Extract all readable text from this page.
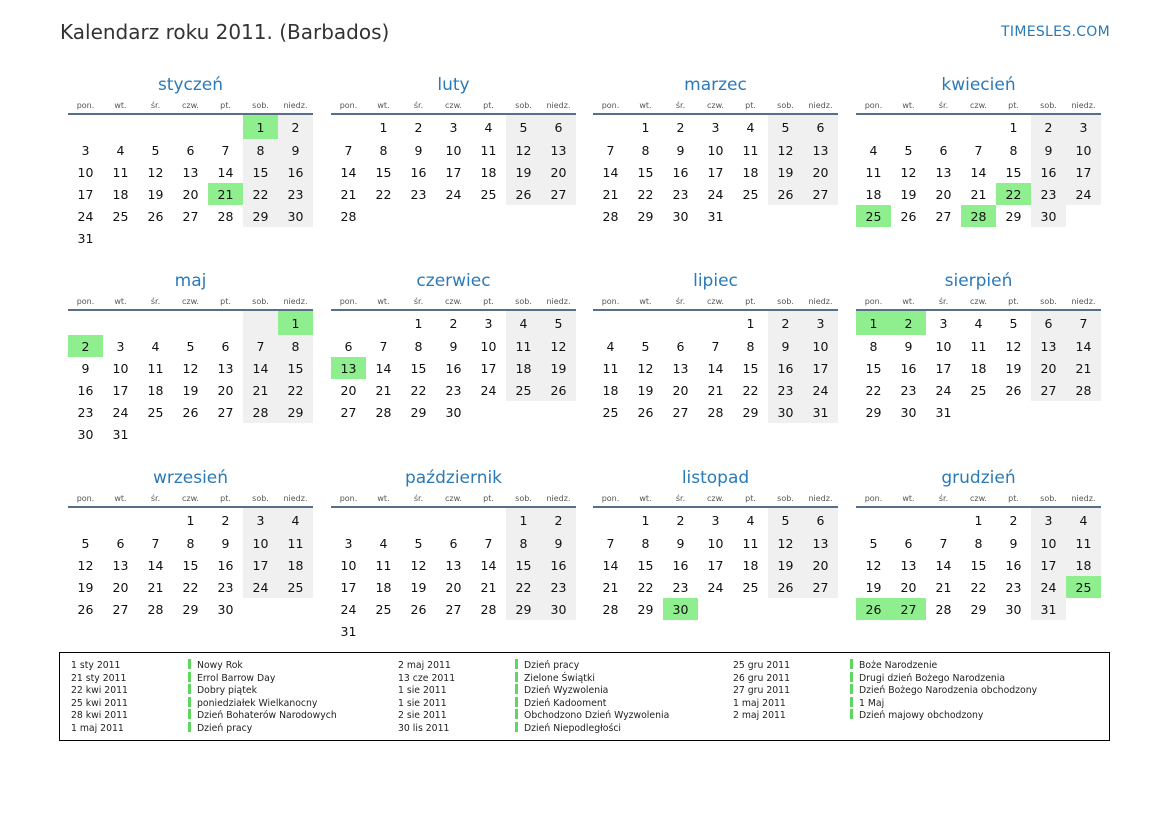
Kalendarz roku 2011. (Barbados)	TIMESLES.COM
styczeń
pon.	wt.	śr.	czw.	pt.	sob.	niedz.
					1	2
3	4	5	6	7	8	9
10	11	12	13	14	15	16
17	18	19	20	21	22	23
24	25	26	27	28	29	30
31						
luty
pon.	wt.	śr.	czw.	pt.	sob.	niedz.
	1	2	3	4	5	6
7	8	9	10	11	12	13
14	15	16	17	18	19	20
21	22	23	24	25	26	27
28						
marzec
pon.	wt.	śr.	czw.	pt.	sob.	niedz.
	1	2	3	4	5	6
7	8	9	10	11	12	13
14	15	16	17	18	19	20
21	22	23	24	25	26	27
28	29	30	31			
kwiecień
pon.	wt.	śr.	czw.	pt.	sob.	niedz.
				1	2	3
4	5	6	7	8	9	10
11	12	13	14	15	16	17
18	19	20	21	22	23	24
25	26	27	28	29	30	
maj
pon.	wt.	śr.	czw.	pt.	sob.	niedz.
						1
2	3	4	5	6	7	8
9	10	11	12	13	14	15
16	17	18	19	20	21	22
23	24	25	26	27	28	29
30	31					
czerwiec
pon.	wt.	śr.	czw.	pt.	sob.	niedz.
		1	2	3	4	5
6	7	8	9	10	11	12
13	14	15	16	17	18	19
20	21	22	23	24	25	26
27	28	29	30			
lipiec
pon.	wt.	śr.	czw.	pt.	sob.	niedz.
				1	2	3
4	5	6	7	8	9	10
11	12	13	14	15	16	17
18	19	20	21	22	23	24
25	26	27	28	29	30	31
sierpień
pon.	wt.	śr.	czw.	pt.	sob.	niedz.
1	2	3	4	5	6	7
8	9	10	11	12	13	14
15	16	17	18	19	20	21
22	23	24	25	26	27	28
29	30	31				
wrzesień
pon.	wt.	śr.	czw.	pt.	sob.	niedz.
			1	2	3	4
5	6	7	8	9	10	11
12	13	14	15	16	17	18
19	20	21	22	23	24	25
26	27	28	29	30		
październik
pon.	wt.	śr.	czw.	pt.	sob.	niedz.
					1	2
3	4	5	6	7	8	9
10	11	12	13	14	15	16
17	18	19	20	21	22	23
24	25	26	27	28	29	30
31						
listopad
pon.	wt.	śr.	czw.	pt.	sob.	niedz.
	1	2	3	4	5	6
7	8	9	10	11	12	13
14	15	16	17	18	19	20
21	22	23	24	25	26	27
28	29	30				
grudzień
pon.	wt.	śr.	czw.	pt.	sob.	niedz.
			1	2	3	4
5	6	7	8	9	10	11
12	13	14	15	16	17	18
19	20	21	22	23	24	25
26	27	28	29	30	31	
1 sty 2011	Nowy Rok
21 sty 2011	Errol Barrow Day
22 kwi 2011	Dobry piątek
25 kwi 2011	poniedziałek Wielkanocny
28 kwi 2011	Dzień Bohaterów Narodowych
1 maj 2011	Dzień pracy
2 maj 2011	Dzień pracy
13 cze 2011	Zielone Świątki
1 sie 2011	Dzień Wyzwolenia
1 sie 2011	Dzień Kadooment
2 sie 2011	Obchodzono Dzień Wyzwolenia
30 lis 2011	Dzień Niepodległości
25 gru 2011	Boże Narodzenie
26 gru 2011	Drugi dzień Bożego Narodzenia
27 gru 2011	Dzień Bożego Narodzenia obchodzony
1 maj 2011	1 Maj
2 maj 2011	Dzień majowy obchodzony
